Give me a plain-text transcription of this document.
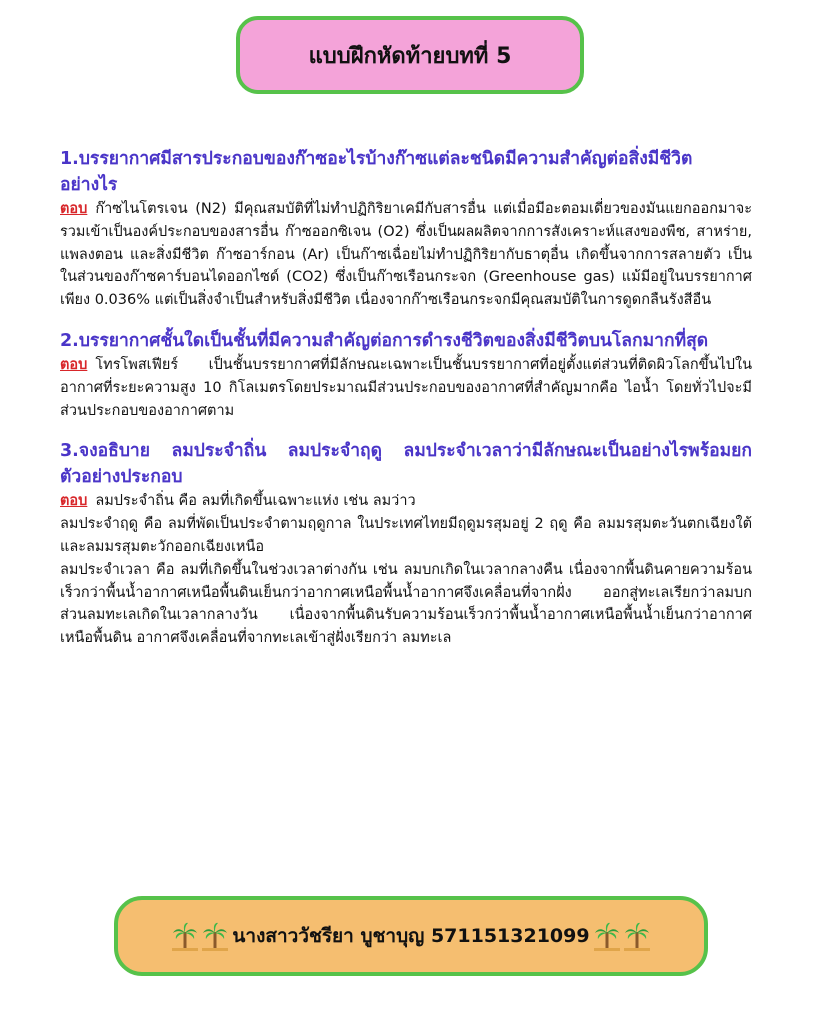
แบบฝึกหัดท้ายบทที่ 5

1.บรรยากาศมีสารประกอบของก๊าซอะไรบ้างก๊าซแต่ละชนิดมีความสำคัญต่อสิ่งมีชีวิต อย่างไร

ตอบ ก๊าซไนโตรเจน (N2) มีคุณสมบัติที่ไม่ทำปฏิกิริยาเคมีกับสารอื่น แต่เมื่อมีอะตอมเดี่ยวของมันแยกออกมาจะรวมเข้าเป็นองค์ประกอบของสารอื่น ก๊าซออกซิเจน (O2) ซึ่งเป็นผลผลิตจากการสังเคราะห์แสงของพืช, สาหร่าย, แพลงตอน และสิ่งมีชีวิต ก๊าซอาร์กอน (Ar) เป็นก๊าซเฉื่อยไม่ทำปฏิกิริยากับธาตุอื่น เกิดขึ้นจากการสลายตัว เป็นในส่วนของก๊าซคาร์บอนไดออกไซด์ (CO2) ซึ่งเป็นก๊าซเรือนกระจก (Greenhouse gas) แม้มีอยู่ในบรรยากาศเพียง 0.036% แต่เป็นสิ่งจำเป็นสำหรับสิ่งมีชีวิต เนื่องจากก๊าซเรือนกระจกมีคุณสมบัติในการดูดกลืนรังสีอืน

2.บรรยากาศชั้นใดเป็นชั้นที่มีความสำคัญต่อการดำรงชีวิตของสิ่งมีชีวิตบนโลกมากที่สุด

ตอบ โทรโพสเฟียร์ เป็นชั้นบรรยากาศที่มีลักษณะเฉพาะเป็นชั้นบรรยากาศที่อยู่ตั้งแต่ส่วนที่ติดผิวโลกขึ้นไปในอากาศที่ระยะความสูง 10 กิโลเมตรโดยประมาณมีส่วนประกอบของอากาศที่สำคัญมากคือ ไอน้ำ โดยทั่วไปจะมีส่วนประกอบของอากาศตาม

3.จงอธิบาย ลมประจำถิ่น ลมประจำฤดู ลมประจำเวลาว่ามีลักษณะเป็นอย่างไรพร้อมยกตัวอย่างประกอบ

ตอบ ลมประจำถิ่น คือ ลมที่เกิดขึ้นเฉพาะแห่ง เช่น ลมว่าว

ลมประจำฤดู คือ ลมที่พัดเป็นประจำตามฤดูกาล ในประเทศไทยมีฤดูมรสุมอยู่ 2 ฤดู คือ ลมมรสุมตะวันตกเฉียงใต้ และลมมรสุมตะวักออกเฉียงเหนือ

ลมประจำเวลา คือ ลมที่เกิดขึ้นในช่วงเวลาต่างกัน เช่น ลมบกเกิดในเวลากลางคืน เนื่องจากพื้นดินคายความร้อนเร็วกว่าพื้นน้ำอากาศเหนือพื้นดินเย็นกว่าอากาศเหนือพื้นน้ำอากาศจึงเคลื่อนที่จากฝั่ง ออกสู่ทะเลเรียกว่าลมบก ส่วนลมทะเลเกิดในเวลากลางวัน เนื่องจากพื้นดินรับความร้อนเร็วกว่าพื้นน้ำอากาศเหนือพื้นน้ำเย็นกว่าอากาศ เหนือพื้นดิน อากาศจึงเคลื่อนที่จากทะเลเข้าสู่ฝั่งเรียกว่า ลมทะเล

นางสาววัชรียา บูชาบุญ 571151321099
